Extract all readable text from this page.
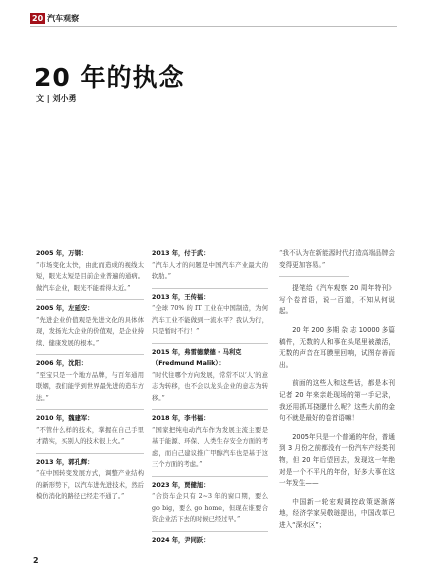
20 汽车观察
20 年的执念
文 | 刘小勇
2005 年，万钢：
“市场变化太快，由此而造成的视线太短，眼光太短是目前企业普遍的通病。做汽车企业，眼光不能看得太近。”
2005 年，左延安：
“先进企业价值观是先进文化的具体体现，发扬光大企业的价值观，是企业持续、健康发展的根本。”
2006 年，沈阳：
“至宝只是一个地方品牌，与百年通用联姻，我们能学到世界最先进的造车方法。”
2010 年，魏建军：
“不管什么样的技术，掌握在自己手里才踏实，买别人的技术很上火。”
2013 年，郭孔辉：
“在中国转变发展方式，调整产业结构的新形势下，以汽车进先进技术，然后模仿消化的路径已经走不通了。”
2013 年，付于武：
“汽车人才的问题是中国汽车产业最大的软肋。”
2013 年，王传福：
“全球 70% 的 IT 工业在中国制造，为何汽车工业不能做到一流水平？我认为行，只是暂时不行！”
2015 年，弗雷德蒙德 · 马利克（Fredmund Malik）：
“时代往哪个方向发展，常常不以‘人’的意志为转移，也不会以龙头企业的意志为转移。”
2018 年，李书福：
“国家把纯电动汽车作为发展主流主要是基于能源、环保、人类生存安全方面的考虑，而自己建议推广甲醇汽车也是基于这三个方面的考虑。”
2023 年，贾健旭：
“合资车企只有 2~3 年的窗口期，要么 go big，要么 go home，但现在谁要合资企业活下去的时候已经过早。”
2024 年，尹同跃：
“我不认为在新能源时代打造高端品牌会变得更加容易。”

提笔给《汽车观察 20 周年特刊》写个卷首语，说一百道，不知从何说起。

20 年 200 多期 杂 志 10000 多篇稿件，无数的人和事在头尾里被激活，无数的声音在耳膜里回响，试图存善而出。

前面的这些人和这些话，都是本刊记者 20 年来亲赴现场的第一手记录，我还用抓耳挠腮什么呢？这些大前的金句不就是最好的卷首语嘛！

2005年只是一个普通的年份，普通到 3 月份之前都没有一份汽车产经类刊物，但 20 年后望回去，发现这一年绝对是一个不平凡的年份，好多大事在这一年发生——

中国新一轮宏观调控政策逐渐落地，经济学家吴敬琏提出，中国改革已进入“深水区”；

2
